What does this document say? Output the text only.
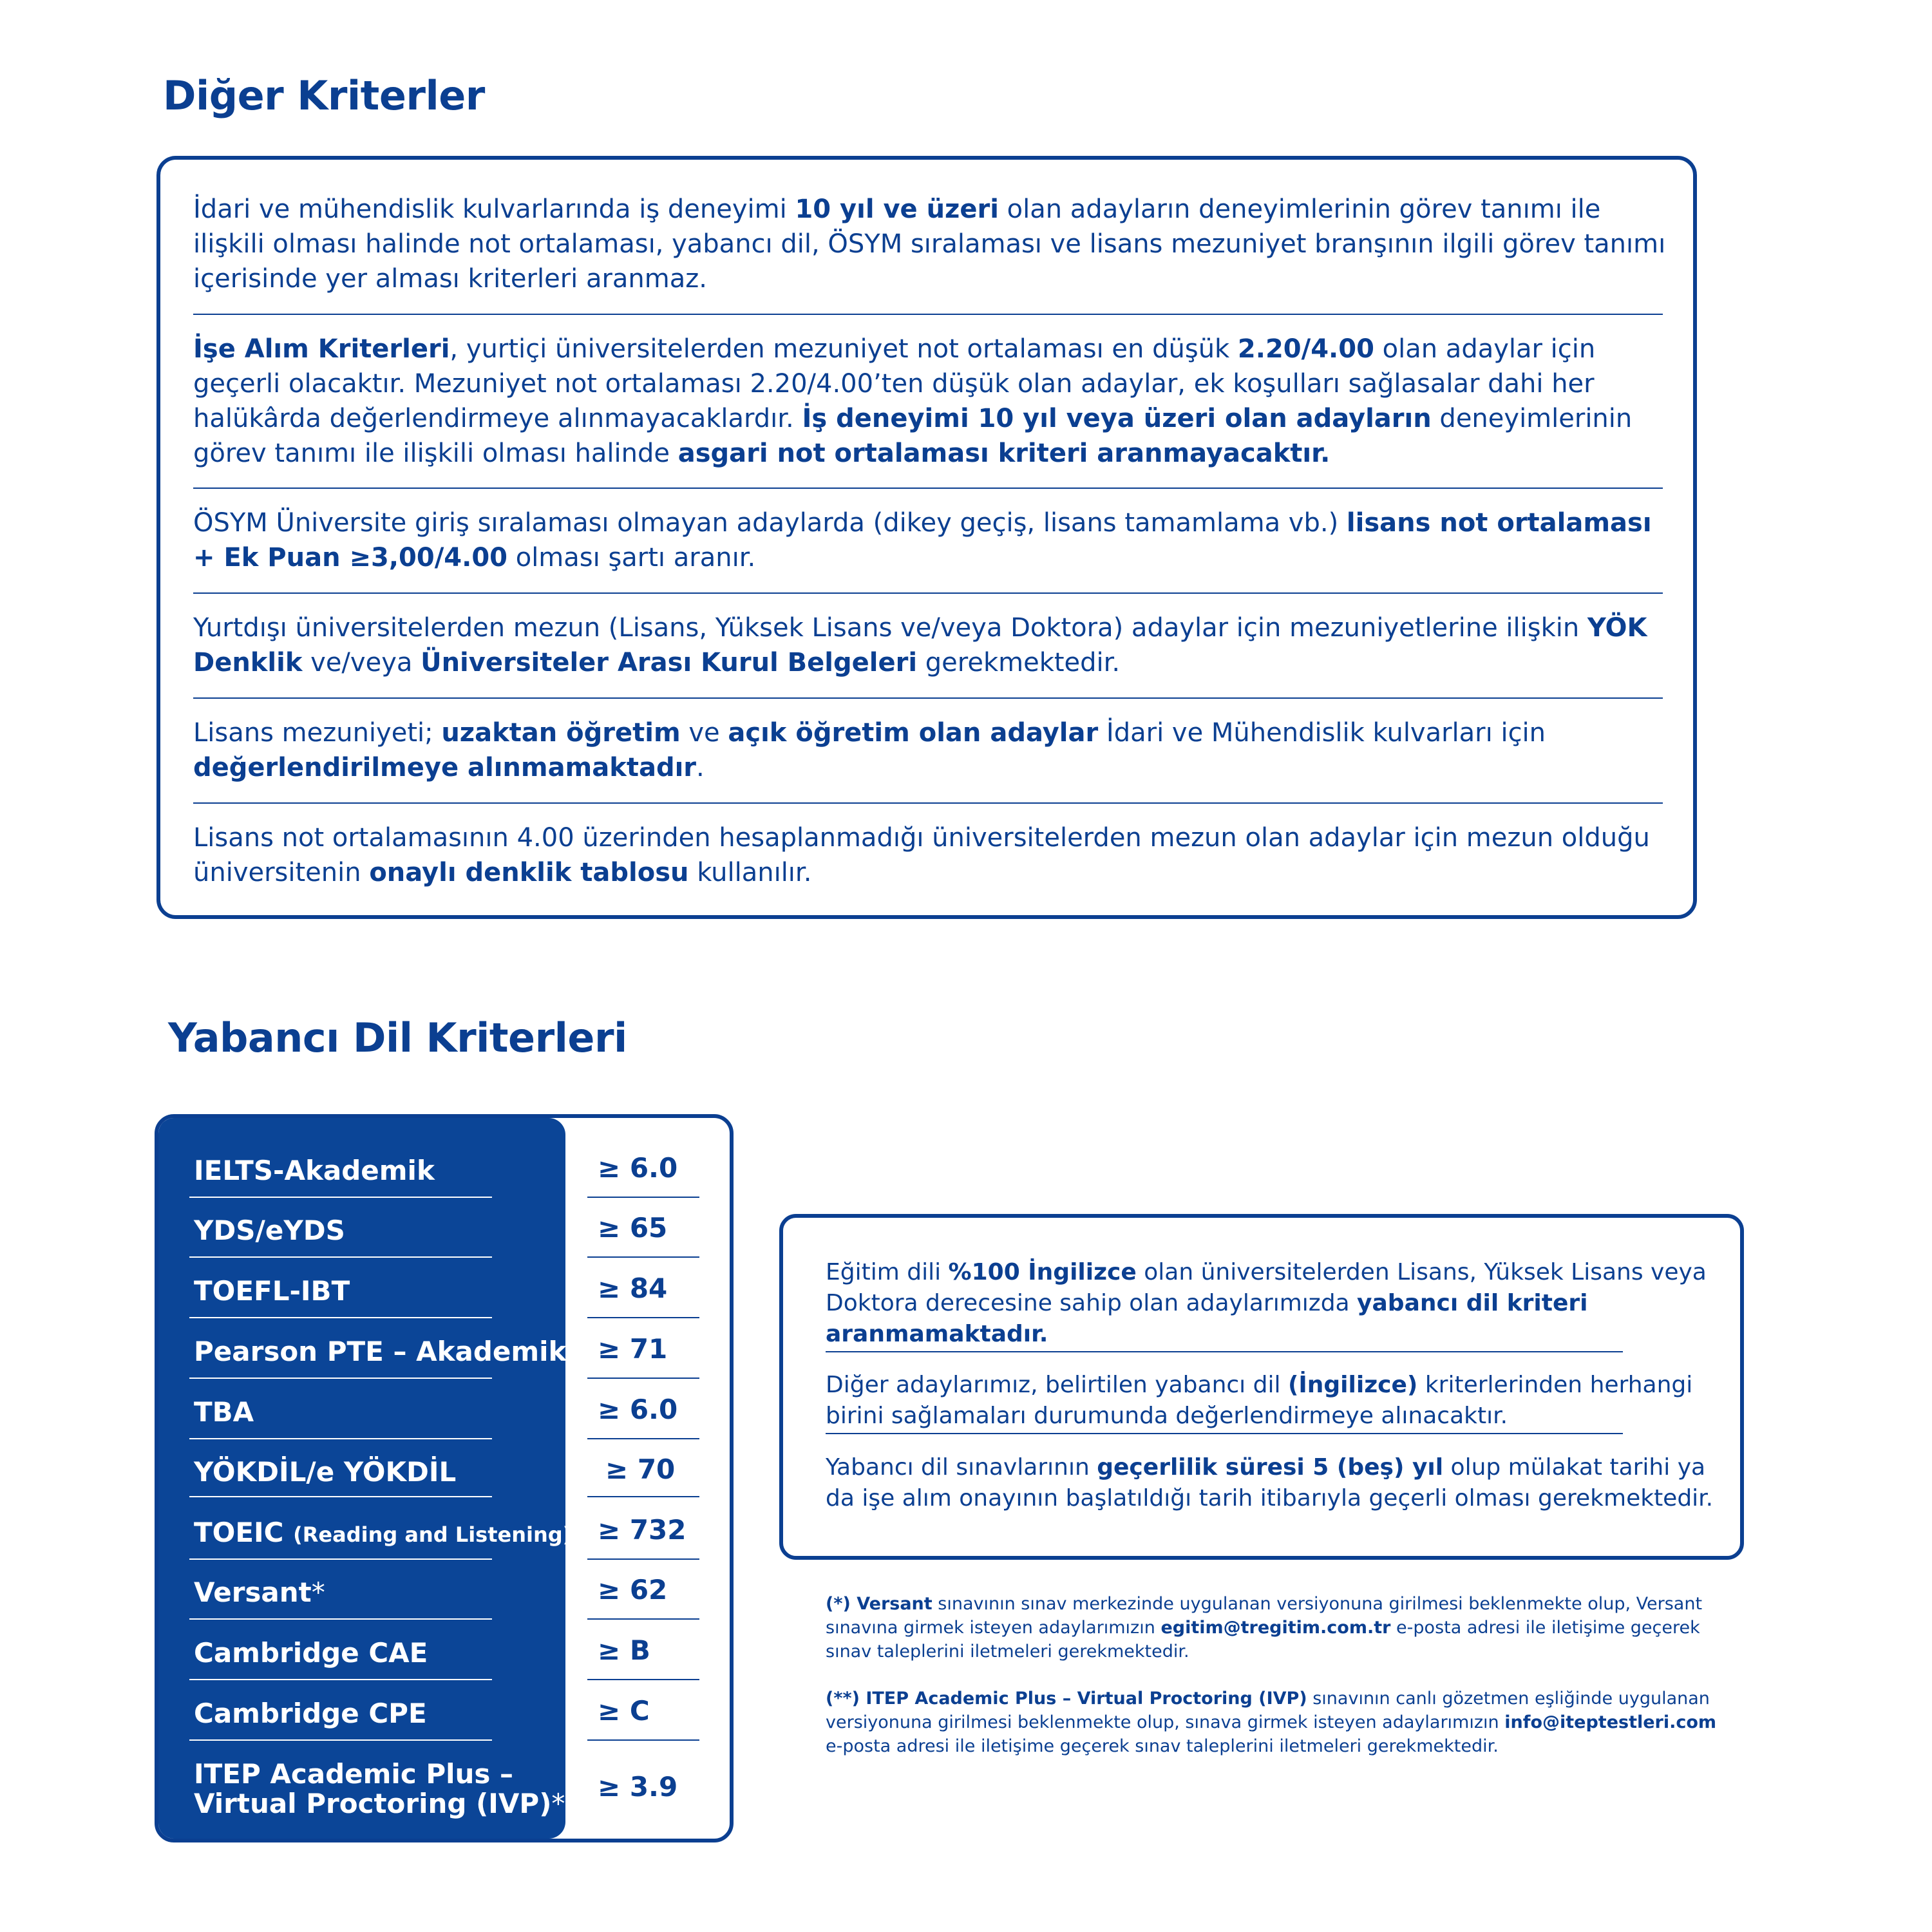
Diğer Kriterler
İdari ve mühendislik kulvarlarında iş deneyimi 10 yıl ve üzeri olan adayların deneyimlerinin görev tanımı ile ilişkili olması halinde not ortalaması, yabancı dil, ÖSYM sıralaması ve lisans mezuniyet branşının ilgili görev tanımı içerisinde yer alması kriterleri aranmaz.
İşe Alım Kriterleri, yurtiçi üniversitelerden mezuniyet not ortalaması en düşük 2.20/4.00 olan adaylar için geçerli olacaktır. Mezuniyet not ortalaması 2.20/4.00’ten düşük olan adaylar, ek koşulları sağlasalar dahi her halükârda değerlendirmeye alınmayacaklardır. İş deneyimi 10 yıl veya üzeri olan adayların deneyimlerinin görev tanımı ile ilişkili olması halinde asgari not ortalaması kriteri aranmayacaktır.
ÖSYM Üniversite giriş sıralaması olmayan adaylarda (dikey geçiş, lisans tamamlama vb.) lisans not ortalaması + Ek Puan ≥3,00/4.00 olması şartı aranır.
Yurtdışı üniversitelerden mezun (Lisans, Yüksek Lisans ve/veya Doktora) adaylar için mezuniyetlerine ilişkin YÖK Denklik ve/veya Üniversiteler Arası Kurul Belgeleri gerekmektedir.
Lisans mezuniyeti; uzaktan öğretim ve açık öğretim olan adaylar İdari ve Mühendislik kulvarları için değerlendirilmeye alınmamaktadır.
Lisans not ortalamasının 4.00 üzerinden hesaplanmadığı üniversitelerden mezun olan adaylar için mezun olduğu üniversitenin onaylı denklik tablosu kullanılır.
Yabancı Dil Kriterleri
IELTS-Akademik
YDS/eYDS
TOEFL-IBT
Pearson PTE – Akademik
TBA
YÖKDİL/e YÖKDİL
TOEIC (Reading and Listening)
Versant*
Cambridge CAE
Cambridge CPE
ITEP Academic Plus –
Virtual Proctoring (IVP)**
≥ 6.0
≥ 65
≥ 84
≥ 71
≥ 6.0
≥ 70
≥ 732
≥ 62
≥ B
≥ C
≥ 3.9
Eğitim dili %100 İngilizce olan üniversitelerden Lisans, Yüksek Lisans veya Doktora derecesine sahip olan adaylarımızda yabancı dil kriteri aranmamaktadır.
Diğer adaylarımız, belirtilen yabancı dil (İngilizce) kriterlerinden herhangi birini sağlamaları durumunda değerlendirmeye alınacaktır.
Yabancı dil sınavlarının geçerlilik süresi 5 (beş) yıl olup mülakat tarihi ya da işe alım onayının başlatıldığı tarih itibarıyla geçerli olması gerekmektedir.
(*) Versant sınavının sınav merkezinde uygulanan versiyonuna girilmesi beklenmekte olup, Versant sınavına girmek isteyen adaylarımızın egitim@tregitim.com.tr e-posta adresi ile iletişime geçerek sınav taleplerini iletmeleri gerekmektedir.
(**) ITEP Academic Plus – Virtual Proctoring (IVP) sınavının canlı gözetmen eşliğinde uygulanan versiyonuna girilmesi beklenmekte olup, sınava girmek isteyen adaylarımızın info@iteptestleri.com e-posta adresi ile iletişime geçerek sınav taleplerini iletmeleri gerekmektedir.
